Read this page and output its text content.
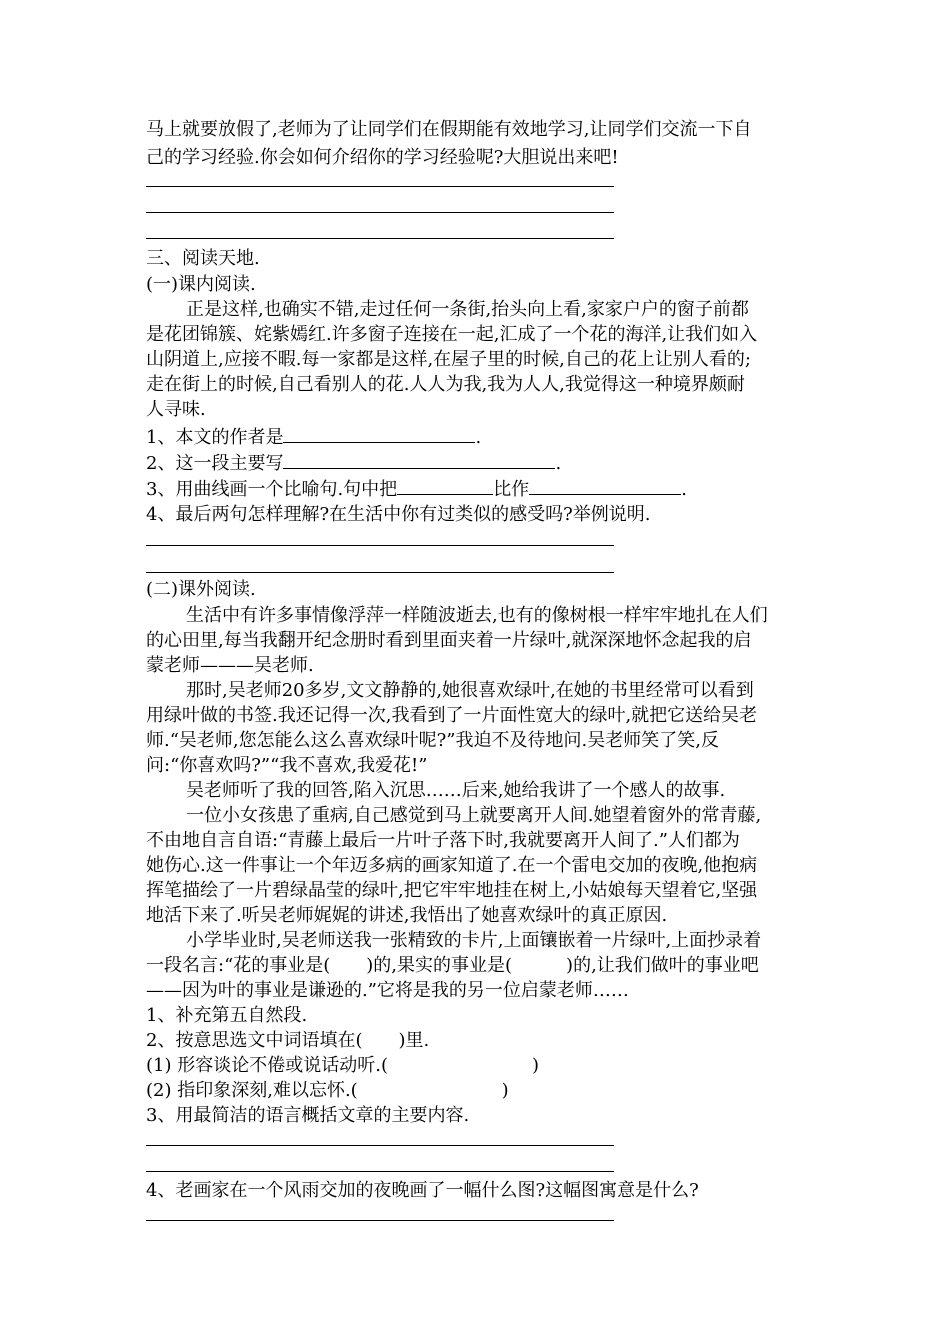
马上就要放假了,老师为了让同学们在假期能有效地学习,让同学们交流一下自
己的学习经验.你会如何介绍你的学习经验呢?大胆说出来吧!
三、阅读天地.
(一)课内阅读.
正是这样,也确实不错,走过任何一条街,抬头向上看,家家户户的窗子前都
是花团锦簇、姹紫嫣红.许多窗子连接在一起,汇成了一个花的海洋,让我们如入
山阴道上,应接不暇.每一家都是这样,在屋子里的时候,自己的花上让别人看的;
走在街上的时候,自己看别人的花.人人为我,我为人人,我觉得这一种境界颇耐
人寻味.
1、本文的作者是	.
2、这一段主要写	.
3、用曲线画一个比喻句.句中把	比作	.
4、最后两句怎样理解?在生活中你有过类似的感受吗?举例说明.
(二)课外阅读.
生活中有许多事情像浮萍一样随波逝去,也有的像树根一样牢牢地扎在人们
的心田里,每当我翻开纪念册时看到里面夹着一片绿叶,就深深地怀念起我的启
蒙老师———吴老师.
那时,吴老师20多岁,文文静静的,她很喜欢绿叶,在她的书里经常可以看到
用绿叶做的书签.我还记得一次,我看到了一片面性宽大的绿叶,就把它送给吴老
师.“吴老师,您怎能么这么喜欢绿叶呢?”我迫不及待地问.吴老师笑了笑,反
问:“你喜欢吗?”“我不喜欢,我爱花!”
吴老师听了我的回答,陷入沉思……后来,她给我讲了一个感人的故事.
一位小女孩患了重病,自己感觉到马上就要离开人间.她望着窗外的常青藤,
不由地自言自语:“青藤上最后一片叶子落下时,我就要离开人间了.”人们都为
她伤心.这一件事让一个年迈多病的画家知道了.在一个雷电交加的夜晚,他抱病
挥笔描绘了一片碧绿晶莹的绿叶,把它牢牢地挂在树上,小姑娘每天望着它,坚强
地活下来了.听吴老师娓娓的讲述,我悟出了她喜欢绿叶的真正原因.
小学毕业时,吴老师送我一张精致的卡片,上面镶嵌着一片绿叶,上面抄录着
一段名言:“花的事业是(　　)的,果实的事业是(　　　)的,让我们做叶的事业吧
——因为叶的事业是谦逊的.”它将是我的另一位启蒙老师……
1、补充第五自然段.
2、按意思选文中词语填在(　　)里.
(1) 形容谈论不倦或说话动听.(　　　　　　　　)
(2) 指印象深刻,难以忘怀.(　　　　　　　　)
3、用最简洁的语言概括文章的主要内容.
4、老画家在一个风雨交加的夜晚画了一幅什么图?这幅图寓意是什么?
